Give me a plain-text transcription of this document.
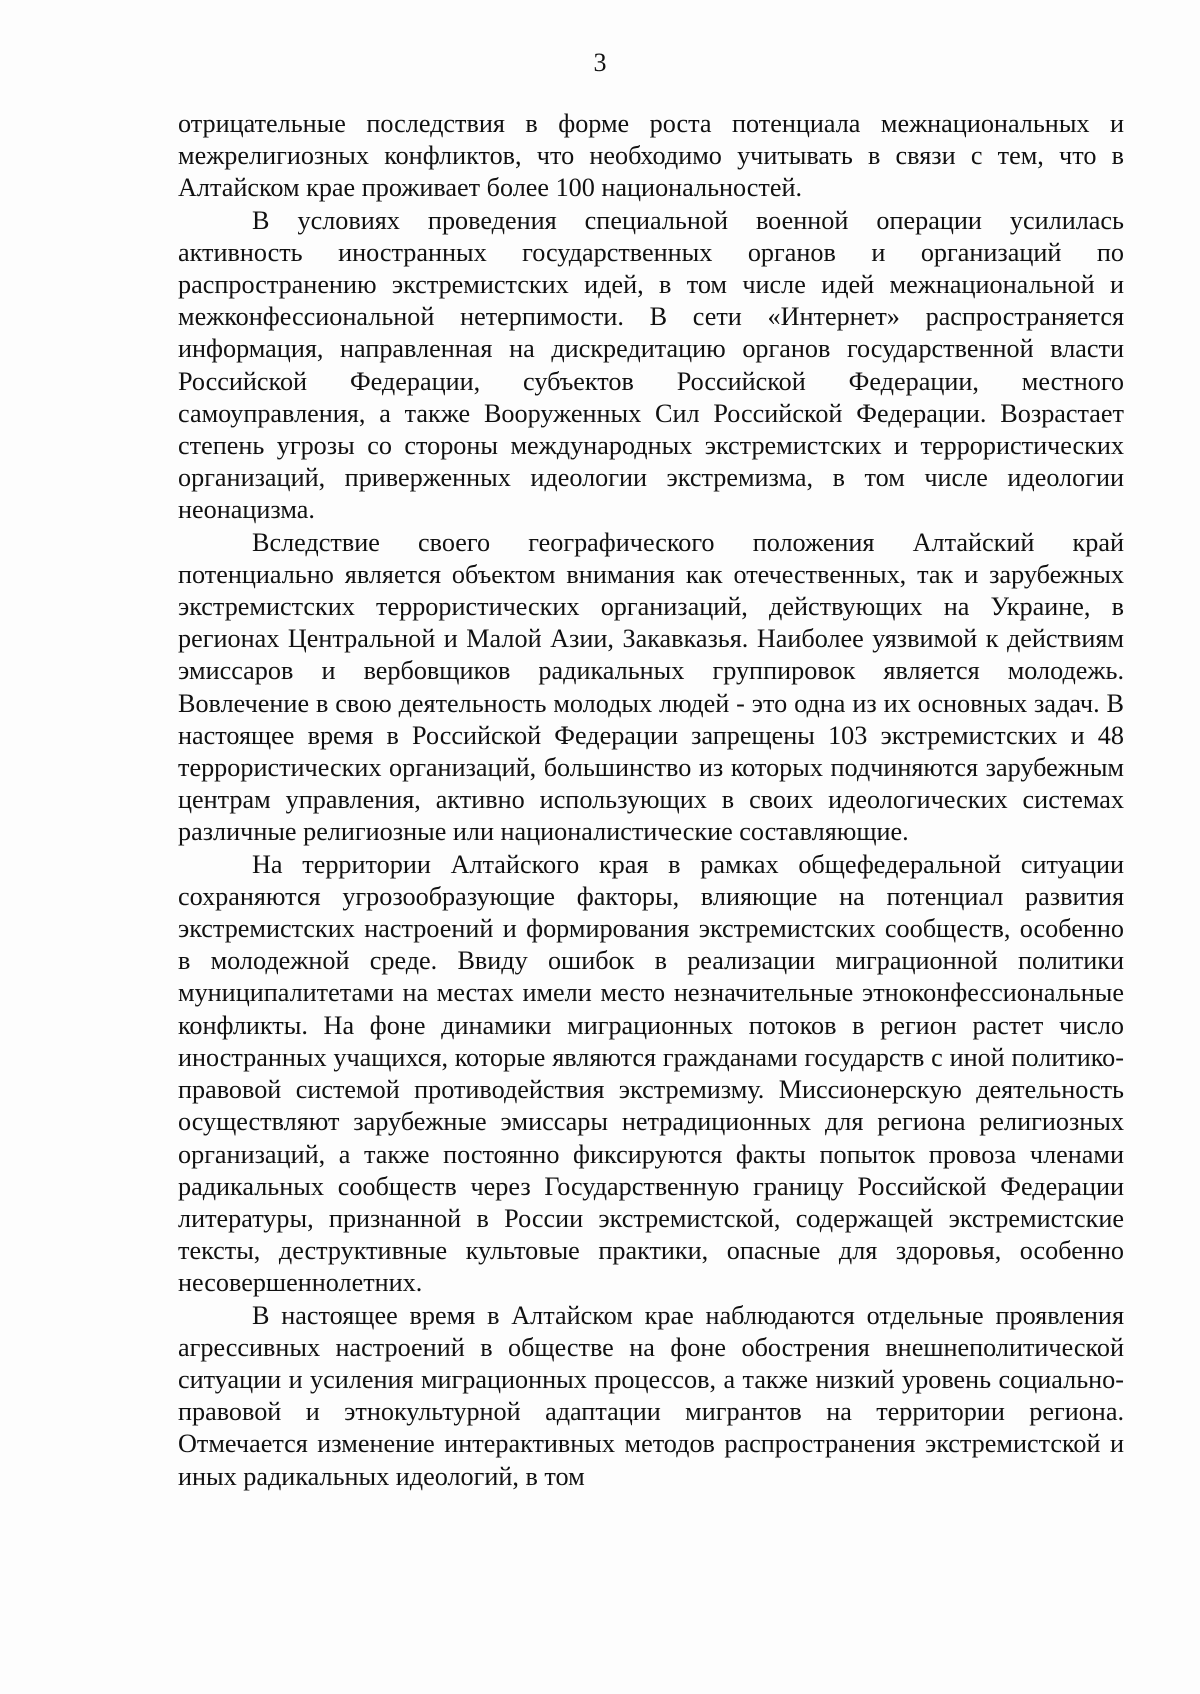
3

отрицательные последствия в форме роста потенциала межнациональных и межрелигиозных конфликтов, что необходимо учитывать в связи с тем, что в Алтайском крае проживает более 100 национальностей.

В условиях проведения специальной военной операции усилилась активность иностранных государственных органов и организаций по распространению экстремистских идей, в том числе идей межнациональной и межконфессиональной нетерпимости. В сети «Интернет» распространяется информация, направленная на дискредитацию органов государственной власти Российской Федерации, субъектов Российской Федерации, местного самоуправления, а также Вооруженных Сил Российской Федерации. Возрастает степень угрозы со стороны международных экстремистских и террористических организаций, приверженных идеологии экстремизма, в том числе идеологии неонацизма.

Вследствие своего географического положения Алтайский край потенциально является объектом внимания как отечественных, так и зарубежных экстремистских террористических организаций, действующих на Украине, в регионах Центральной и Малой Азии, Закавказья. Наиболее уязвимой к действиям эмиссаров и вербовщиков радикальных группировок является молодежь. Вовлечение в свою деятельность молодых людей - это одна из их основных задач. В настоящее время в Российской Федерации запрещены 103 экстремистских и 48 террористических организаций, большинство из которых подчиняются зарубежным центрам управления, активно использующих в своих идеологических системах различные религиозные или националистические составляющие.

На территории Алтайского края в рамках общефедеральной ситуации сохраняются угрозообразующие факторы, влияющие на потенциал развития экстремистских настроений и формирования экстремистских сообществ, особенно в молодежной среде. Ввиду ошибок в реализации миграционной политики муниципалитетами на местах имели место незначительные этноконфессиональные конфликты. На фоне динамики миграционных потоков в регион растет число иностранных учащихся, которые являются гражданами государств с иной политико-правовой системой противодействия экстремизму. Миссионерскую деятельность осуществляют зарубежные эмиссары нетрадиционных для региона религиозных организаций, а также постоянно фиксируются факты попыток провоза членами радикальных сообществ через Государственную границу Российской Федерации литературы, признанной в России экстремистской, содержащей экстремистские тексты, деструктивные культовые практики, опасные для здоровья, особенно несовершеннолетних.

В настоящее время в Алтайском крае наблюдаются отдельные проявления агрессивных настроений в обществе на фоне обострения внешнеполитической ситуации и усиления миграционных процессов, а также низкий уровень социально-правовой и этнокультурной адаптации мигрантов на территории региона. Отмечается изменение интерактивных методов распространения экстремистской и иных радикальных идеологий, в том
